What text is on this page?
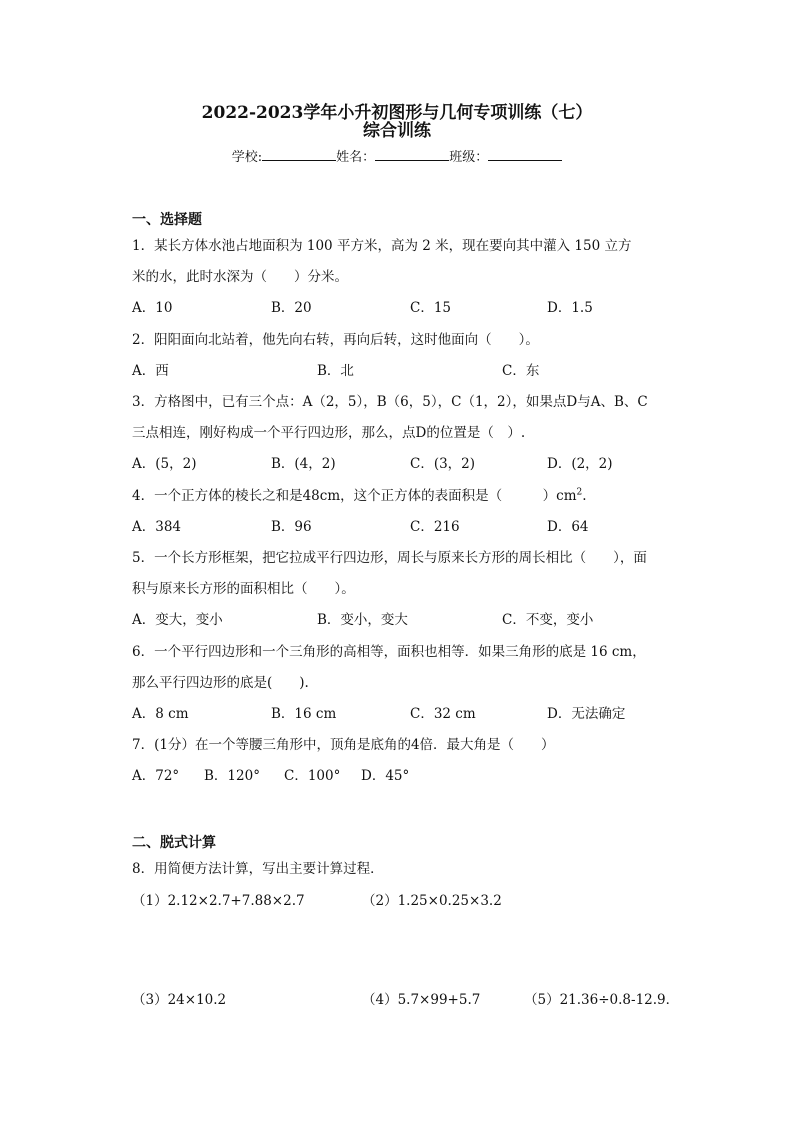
2022-2023学年小升初图形与几何专项训练（七）
综合训练
学校:	姓名：	班级：
一、选择题
1．某长方体水池占地面积为 100 平方米，高为 2 米，现在要向其中灌入 150 立方
米的水，此时水深为（　　）分米。
A．10	B．20	C．15	D．1.5
2．阳阳面向北站着，他先向右转，再向后转，这时他面向（　　）。
A．西	B．北	C．东
3．方格图中，已有三个点：A（2，5），B（6，5），C（1，2），如果点D与A、B、C
三点相连，刚好构成一个平行四边形，那么，点D的位置是（　）.
A．(5，2)	B．(4，2)	C．(3，2)	D．(2，2)
4．一个正方体的棱长之和是48cm，这个正方体的表面积是（　　　）$cm^2$.
A．384	B．96	C．216	D．64
5．一个长方形框架，把它拉成平行四边形，周长与原来长方形的周长相比（　　），面
积与原来长方形的面积相比（　　）。
A．变大，变小	B．变小，变大	C．不变，变小
6．一个平行四边形和一个三角形的高相等，面积也相等．如果三角形的底是 16 cm，
那么平行四边形的底是(　　).
A．8 cm	B．16 cm	C．32 cm	D．无法确定
7．(1分）在一个等腰三角形中，顶角是底角的4倍．最大角是（　　）
A．72° B．120° C．100° D．45°
二、脱式计算
8．用简便方法计算，写出主要计算过程．
（1）2.12×2.7+7.88×2.7	（2）1.25×0.25×3.2
（3）24×10.2	（4）5.7×99+5.7	（5）21.36÷0.8-12.9．
